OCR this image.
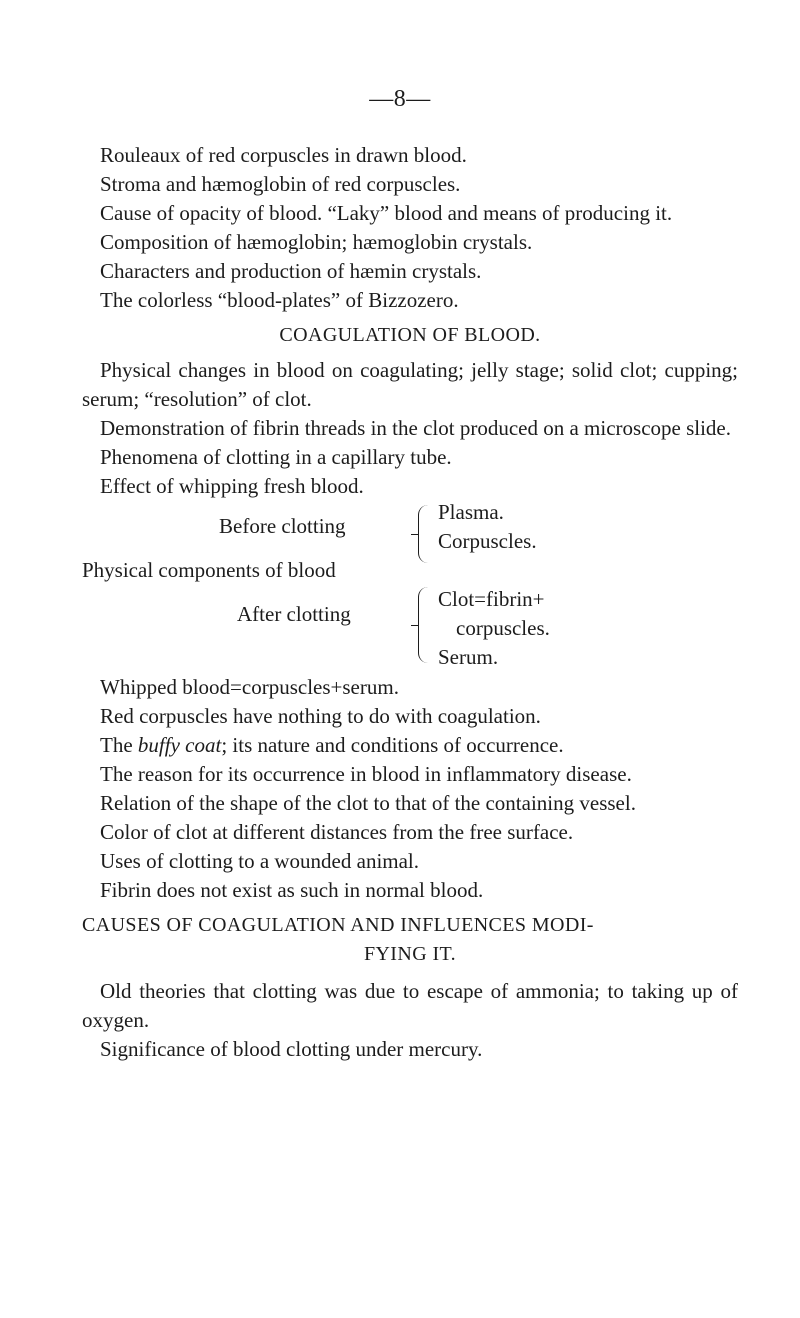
—8—

Rouleaux of red corpuscles in drawn blood.

Stroma and hæmoglobin of red corpuscles.

Cause of opacity of blood. “Laky” blood and means of producing it.

Composition of hæmoglobin; hæmoglobin crystals.

Characters and production of hæmin crystals.

The colorless “blood-plates” of Bizzozero.

COAGULATION OF BLOOD.

Physical changes in blood on coagulating; jelly stage; solid clot; cupping; serum; “resolution” of clot.

Demonstration of fibrin threads in the clot produced on a microscope slide.

Phenomena of clotting in a capillary tube.

Effect of whipping fresh blood.

Before clotting
Plasma.
Corpuscles.
Physical components of blood
After clotting
Clot=fibrin+
corpuscles.
Serum.

Whipped blood=corpuscles+serum.

Red corpuscles have nothing to do with coagulation.

The buffy coat; its nature and conditions of occurrence.

The reason for its occurrence in blood in inflammatory disease.

Relation of the shape of the clot to that of the containing vessel.

Color of clot at different distances from the free surface.

Uses of clotting to a wounded animal.

Fibrin does not exist as such in normal blood.

CAUSES OF COAGULATION AND INFLUENCES MODI-
FYING IT.

Old theories that clotting was due to escape of ammonia; to taking up of oxygen.

Significance of blood clotting under mercury.
